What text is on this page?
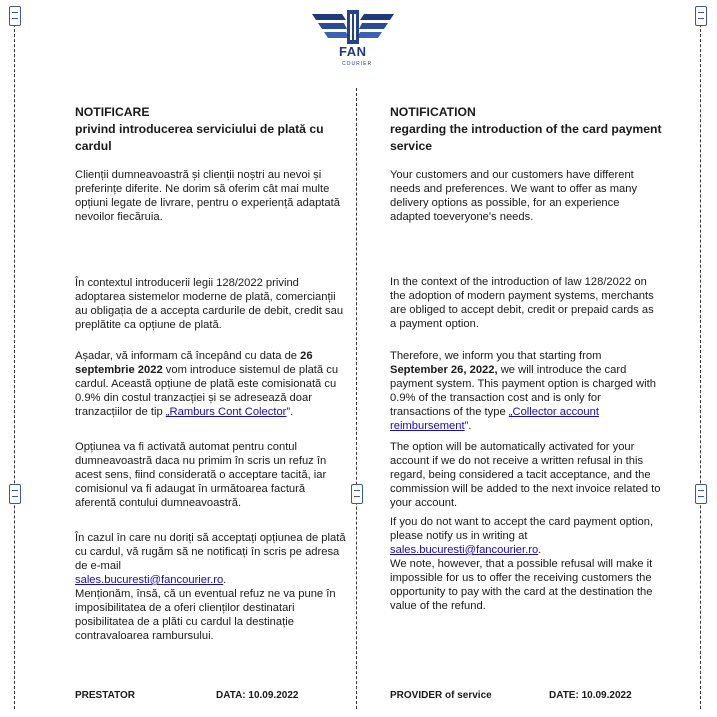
FAN
COURIER

NOTIFICARE

privind introducerea serviciului de plată cu cardul

Clienții dumneavoastră și clienții noștri au nevoi și preferințe diferite. Ne dorim să oferim cât mai multe opțiuni legate de livrare, pentru o experiență adaptată nevoilor fiecăruia.

În contextul introducerii legii 128/2022 privind adoptarea sistemelor moderne de plată, comercianții au obligația de a accepta cardurile de debit, credit sau preplătite ca opțiune de plată.

Așadar, vă informam că începând cu data de 26 septembrie 2022 vom introduce sistemul de plată cu cardul. Această opțiune de plată este comisionată cu 0.9% din costul tranzacției și se adresează doar tranzacțiilor de tip „Ramburs Cont Colector”.

Opțiunea va fi activată automat pentru contul dumneavoastră daca nu primim în scris un refuz în acest sens, fiind considerată o acceptare tacită, iar comisionul va fi adaugat în următoarea factură aferentă contului dumneavoastră.

În cazul în care nu doriți să acceptați opțiunea de plată cu cardul, vă rugăm să ne notificați în scris pe adresa de e-mail
sales.bucuresti@fancourier.ro.

Menționăm, însă, că un eventual refuz ne va pune în imposibilitatea de a oferi clienților destinatari posibilitatea de a plăti cu cardul la destinație contravaloarea rambursului.

PRESTATOR	DATA: 10.09.2022

NOTIFICATION

regarding the introduction of the card payment service

Your customers and our customers have different needs and preferences. We want to offer as many delivery options as possible, for an experience adapted toeveryone's needs.

In the context of the introduction of law 128/2022 on the adoption of modern payment systems, merchants are obliged to accept debit, credit or prepaid cards as a payment option.

Therefore, we inform you that starting from September 26, 2022, we will introduce the card payment system. This payment option is charged with 0.9% of the transaction cost and is only for transactions of the type „Collector account reimbursement”.

The option will be automatically activated for your account if we do not receive a written refusal in this regard, being considered a tacit acceptance, and the commission will be added to the next invoice related to your account.

If you do not want to accept the card payment option, please notify us in writing at
sales.bucuresti@fancourier.ro.

We note, however, that a possible refusal will make it impossible for us to offer the receiving customers the opportunity to pay with the card at the destination the value of the refund.

PROVIDER of service	DATE: 10.09.2022
